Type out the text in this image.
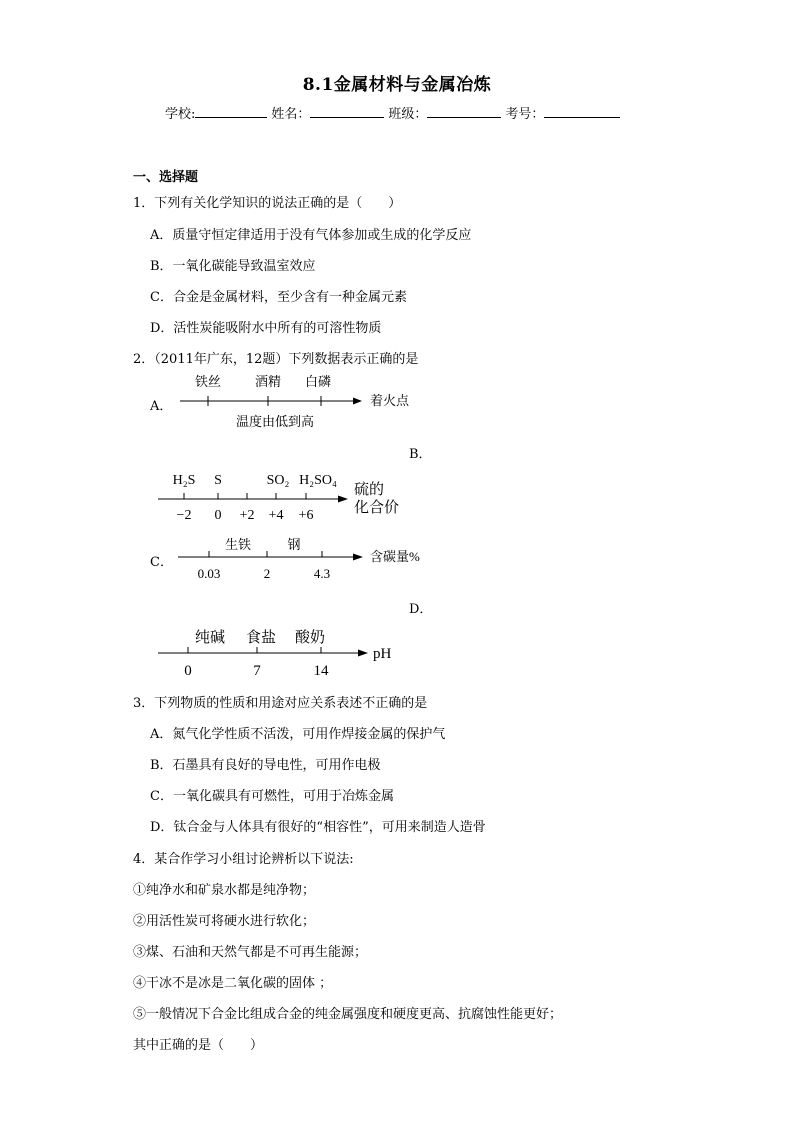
8.1金属材料与金属冶炼
学校:	姓名：	班级：	考号：
一、选择题
1．下列有关化学知识的说法正确的是（　　）
A．质量守恒定律适用于没有气体参加或生成的化学反应
B．一氧化碳能导致温室效应
C．合金是金属材料，至少含有一种金属元素
D．活性炭能吸附水中所有的可溶性物质
2．（2011年广东，12题）下列数据表示正确的是
A．
铁丝	酒精 白磷
着火点
温度由低到高
B．
H₂S S	SO₂ H₂SO₄
−2 0 +2 +4 +6
硫的
化合价
C．
生铁	钢
0.03	2	4.3
含碳量%
D．
纯碱 食盐 酸奶
0	7	14
pH
3．下列物质的性质和用途对应关系表述不正确的是
A．氮气化学性质不活泼，可用作焊接金属的保护气
B．石墨具有良好的导电性，可用作电极
C．一氧化碳具有可燃性，可用于冶炼金属
D．钛合金与人体具有很好的“相容性”，可用来制造人造骨
4．某合作学习小组讨论辨析以下说法:
①纯净水和矿泉水都是纯净物；
②用活性炭可将硬水进行软化；
③煤、石油和天然气都是不可再生能源；
④干冰不是冰是二氧化碳的固体 ；
⑤一般情况下合金比组成合金的纯金属强度和硬度更高、抗腐蚀性能更好；
其中正确的是（　　）
